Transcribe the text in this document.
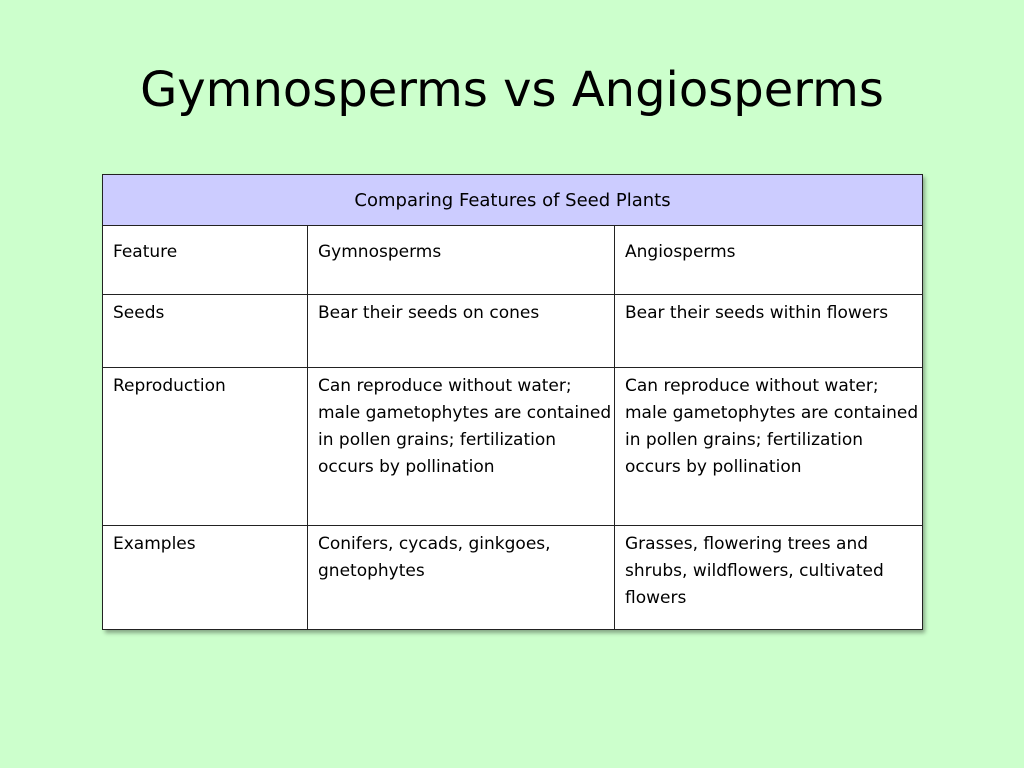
Gymnosperms vs Angiosperms
Comparing Features of Seed Plants		
Feature	Gymnosperms	Angiosperms
Seeds	Bear their seeds on cones	Bear their seeds within flowers
Reproduction	Can reproduce without water; male gametophytes are contained in pollen grains; fertilization occurs by pollination	Can reproduce without water; male gametophytes are contained in pollen grains; fertilization occurs by pollination
Examples	Conifers, cycads, ginkgoes, gnetophytes	Grasses, flowering trees and shrubs, wildflowers, cultivated flowers
